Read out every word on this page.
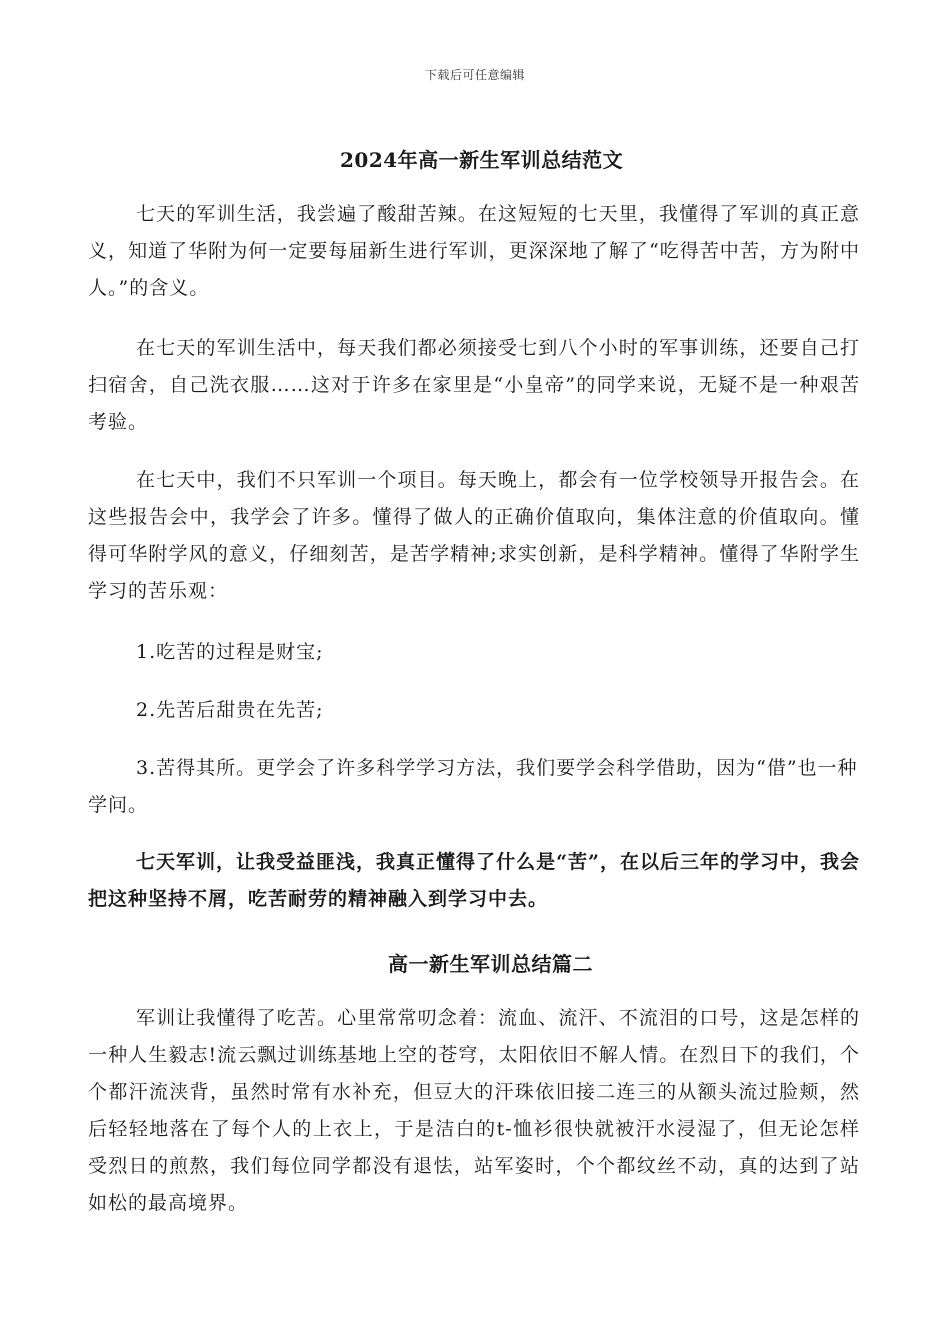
下载后可任意编辑
2024年高一新生军训总结范文

七天的军训生活，我尝遍了酸甜苦辣。在这短短的七天里，我懂得了军训的真正意义，知道了华附为何一定要每届新生进行军训，更深深地了解了“吃得苦中苦，方为附中人。”的含义。

在七天的军训生活中，每天我们都必须接受七到八个小时的军事训练，还要自己打扫宿舍，自己洗衣服……这对于许多在家里是“小皇帝”的同学来说，无疑不是一种艰苦考验。

在七天中，我们不只军训一个项目。每天晚上，都会有一位学校领导开报告会。在这些报告会中，我学会了许多。懂得了做人的正确价值取向，集体注意的价值取向。懂得可华附学风的意义，仔细刻苦，是苦学精神;求实创新，是科学精神。懂得了华附学生学习的苦乐观：

1.吃苦的过程是财宝;

2.先苦后甜贵在先苦;

3.苦得其所。更学会了许多科学学习方法，我们要学会科学借助，因为“借”也一种学问。

七天军训，让我受益匪浅，我真正懂得了什么是“苦”，在以后三年的学习中，我会把这种坚持不屑，吃苦耐劳的精神融入到学习中去。

高一新生军训总结篇二

军训让我懂得了吃苦。心里常常叨念着：流血、流汗、不流泪的口号，这是怎样的一种人生毅志!流云飘过训练基地上空的苍穹，太阳依旧不解人情。在烈日下的我们，个个都汗流浃背，虽然时常有水补充，但豆大的汗珠依旧接二连三的从额头流过脸颊，然后轻轻地落在了每个人的上衣上，于是洁白的t-恤衫很快就被汗水浸湿了，但无论怎样受烈日的煎熬，我们每位同学都没有退怯，站军姿时，个个都纹丝不动，真的达到了站如松的最高境界。
